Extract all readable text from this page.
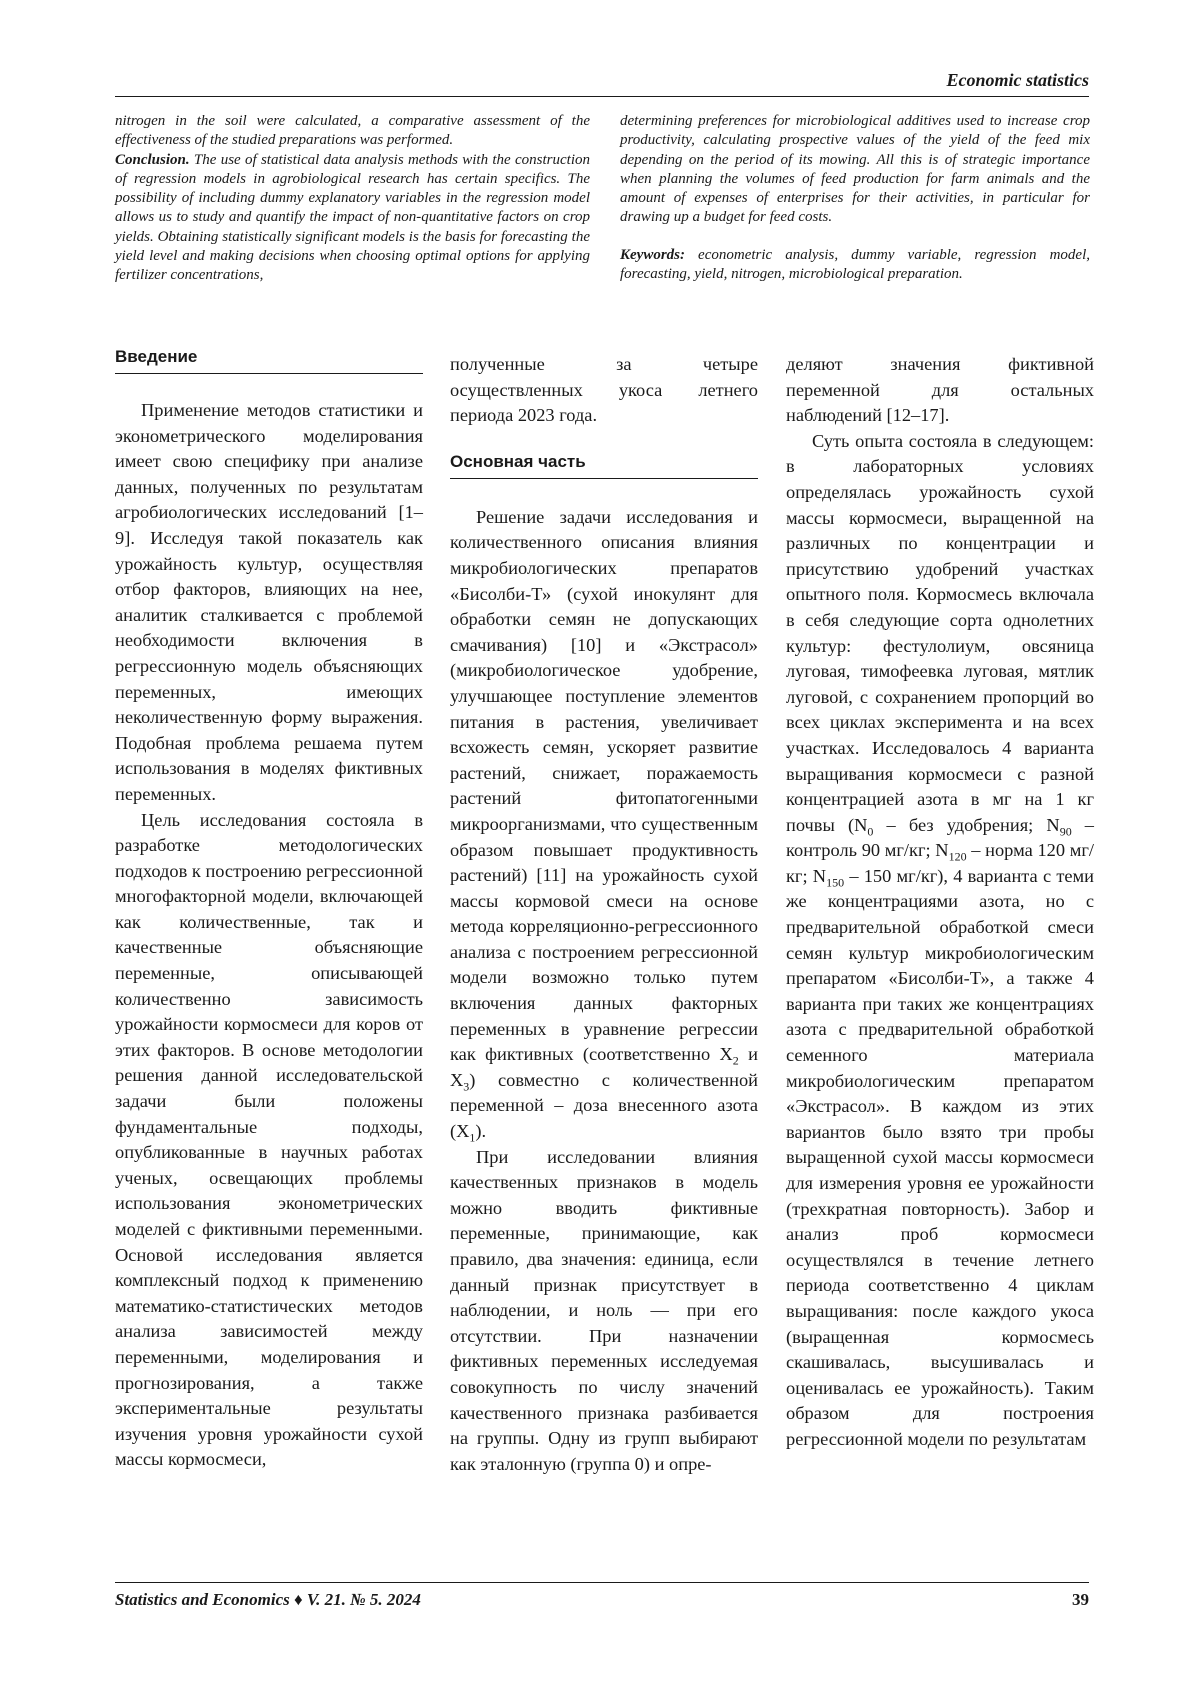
Economic statistics

nitrogen in the soil were calculated, a comparative assessment of the effectiveness of the studied preparations was performed.

Conclusion. The use of statistical data analysis methods with the construction of regression models in agrobiological research has certain specifics. The possibility of including dummy explanatory variables in the regression model allows us to study and quantify the impact of non-quantitative factors on crop yields. Obtaining statistically significant models is the basis for forecasting the yield level and making decisions when choosing optimal options for applying fertilizer concentrations,

determining preferences for microbiological additives used to increase crop productivity, calculating prospective values of the yield of the feed mix depending on the period of its mowing. All this is of strategic importance when planning the volumes of feed production for farm animals and the amount of expenses of enterprises for their activities, in particular for drawing up a budget for feed costs.

Keywords: econometric analysis, dummy variable, regression model, forecasting, yield, nitrogen, microbiological preparation.

Введение

Применение методов статистики и эконометрического моделирования имеет свою специфику при анализе данных, полученных по результатам агробиологических исследований [1–9]. Исследуя такой показатель как урожайность культур, осуществляя отбор факторов, влияющих на нее, аналитик сталкивается с проблемой необходимости включения в регрессионную модель объясняющих переменных, имеющих неколичественную форму выражения. Подобная проблема решаема путем использования в моделях фиктивных переменных.

Цель исследования состояла в разработке методологических подходов к построению регрессионной многофакторной модели, включающей как количественные, так и качественные объясняющие переменные, описывающей количественно зависимость урожайности кормосмеси для коров от этих факторов. В основе методологии решения данной исследовательской задачи были положены фундаментальные подходы, опубликованные в научных работах ученых, освещающих проблемы использования эконометрических моделей с фиктивными переменными. Основой исследования является комплексный подход к применению математико-статистических методов анализа зависимостей между переменными, моделирования и прогнозирования, а также экспериментальные результаты изучения уровня урожайности сухой массы кормосмеси,

полученные за четыре осуществленных укоса летнего периода 2023 года.

Основная часть

Решение задачи исследования и количественного описания влияния микробиологических препаратов «Бисолби-Т» (сухой инокулянт для обработки семян не допускающих смачивания) [10] и «Экстрасол» (микробиологическое удобрение, улучшающее поступление элементов питания в растения, увеличивает всхожесть семян, ускоряет развитие растений, снижает, поражаемость растений фитопатогенными микроорганизмами, что существенным образом повышает продуктивность растений) [11] на урожайность сухой массы кормовой смеси на основе метода корреляционно-регрессионного анализа с построением регрессионной модели возможно только путем включения данных факторных переменных в уравнение регрессии как фиктивных (соответственно $X_2$ и $X_3$) совместно с количественной переменной – доза внесенного азота $(X_1)$.

При исследовании влияния качественных признаков в модель можно вводить фиктивные переменные, принимающие, как правило, два значения: единица, если данный признак присутствует в наблюдении, и ноль — при его отсутствии. При назначении фиктивных переменных исследуемая совокупность по числу значений качественного признака разбивается на группы. Одну из групп выбирают как эталонную (группа 0) и опре-

деляют значения фиктивной переменной для остальных наблюдений [12–17].

Суть опыта состояла в следующем: в лабораторных условиях определялась урожайность сухой массы кормосмеси, выращенной на различных по концентрации и присутствию удобрений участках опытного поля. Кормосмесь включала в себя следующие сорта однолетних культур: фестулолиум, овсяница луговая, тимофеевка луговая, мятлик луговой, с сохранением пропорций во всех циклах эксперимента и на всех участках. Исследовалось 4 варианта выращивания кормосмеси с разной концентрацией азота в мг на 1 кг почвы ($N_0$ – без удобрения; $N_{90}$ – контроль 90 мг/кг; $N_{120}$ – норма 120 мг/кг; $N_{150} - 150$ мг/кг), 4 варианта с теми же концентрациями азота, но с предварительной обработкой смеси семян культур микробиологическим препаратом «Бисолби-Т», а также 4 варианта при таких же концентрациях азота с предварительной обработкой семенного материала микробиологическим препаратом «Экстрасол». В каждом из этих вариантов было взято три пробы выращенной сухой массы кормосмеси для измерения уровня ее урожайности (трехкратная повторность). Забор и анализ проб кормосмеси осуществлялся в течение летнего периода соответственно 4 циклам выращивания: после каждого укоса (выращенная кормосмесь скашивалась, высушивалась и оценивалась ее урожайность). Таким образом для построения регрессионной модели по результатам

Statistics and Economics ♦ V. 21. № 5. 2024	39
